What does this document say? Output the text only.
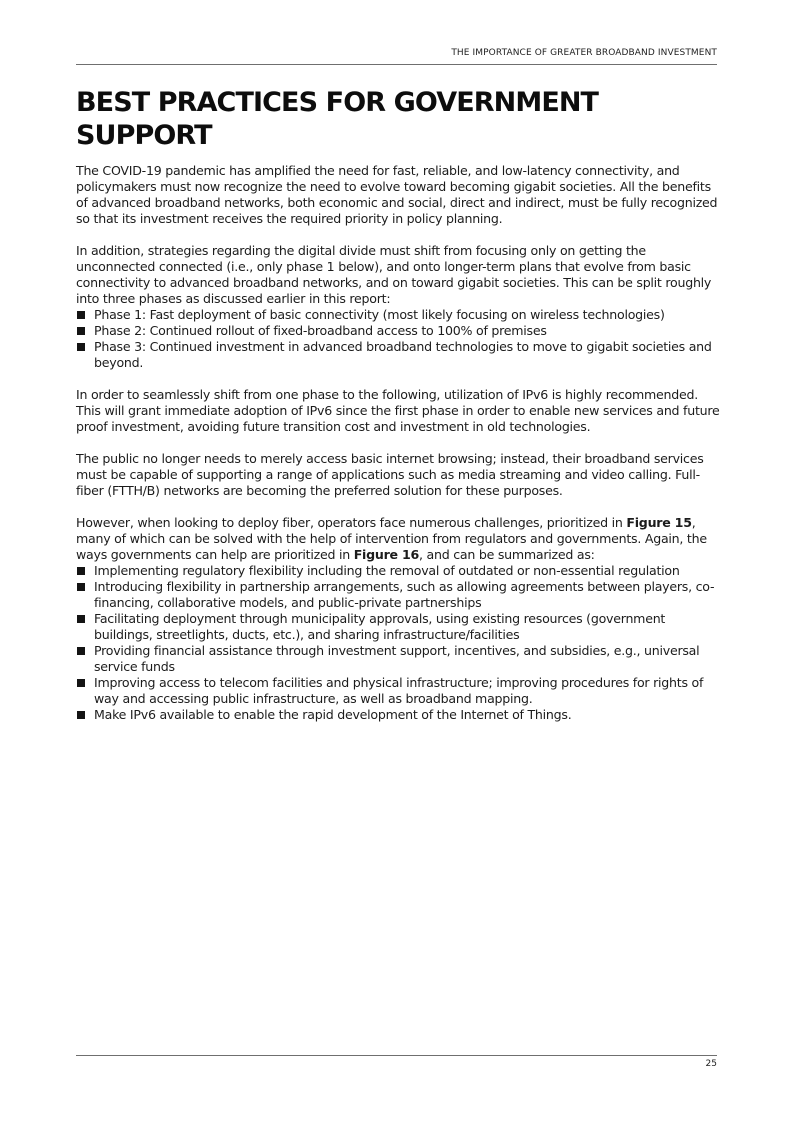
THE IMPORTANCE OF GREATER BROADBAND INVESTMENT
BEST PRACTICES FOR GOVERNMENT SUPPORT

The COVID-19 pandemic has amplified the need for fast, reliable, and low-latency connectivity, and policymakers must now recognize the need to evolve toward becoming gigabit societies. All the benefits of advanced broadband networks, both economic and social, direct and indirect, must be fully recognized so that its investment receives the required priority in policy planning.

In addition, strategies regarding the digital divide must shift from focusing only on getting the unconnected connected (i.e., only phase 1 below), and onto longer-term plans that evolve from basic connectivity to advanced broadband networks, and on toward gigabit societies. This can be split roughly into three phases as discussed earlier in this report:

Phase 1: Fast deployment of basic connectivity (most likely focusing on wireless technologies)
Phase 2: Continued rollout of fixed-broadband access to 100% of premises
Phase 3: Continued investment in advanced broadband technologies to move to gigabit societies and beyond.

In order to seamlessly shift from one phase to the following, utilization of IPv6 is highly recommended. This will grant immediate adoption of IPv6 since the first phase in order to enable new services and future proof investment, avoiding future transition cost and investment in old technologies.

The public no longer needs to merely access basic internet browsing; instead, their broadband services must be capable of supporting a range of applications such as media streaming and video calling. Full-fiber (FTTH/B) networks are becoming the preferred solution for these purposes.

However, when looking to deploy fiber, operators face numerous challenges, prioritized in Figure 15, many of which can be solved with the help of intervention from regulators and governments. Again, the ways governments can help are prioritized in Figure 16, and can be summarized as:

Implementing regulatory flexibility including the removal of outdated or non-essential regulation
Introducing flexibility in partnership arrangements, such as allowing agreements between players, co-financing, collaborative models, and public-private partnerships
Facilitating deployment through municipality approvals, using existing resources (government buildings, streetlights, ducts, etc.), and sharing infrastructure/facilities
Providing financial assistance through investment support, incentives, and subsidies, e.g., universal service funds
Improving access to telecom facilities and physical infrastructure; improving procedures for rights of way and accessing public infrastructure, as well as broadband mapping.
Make IPv6 available to enable the rapid development of the Internet of Things.
25
